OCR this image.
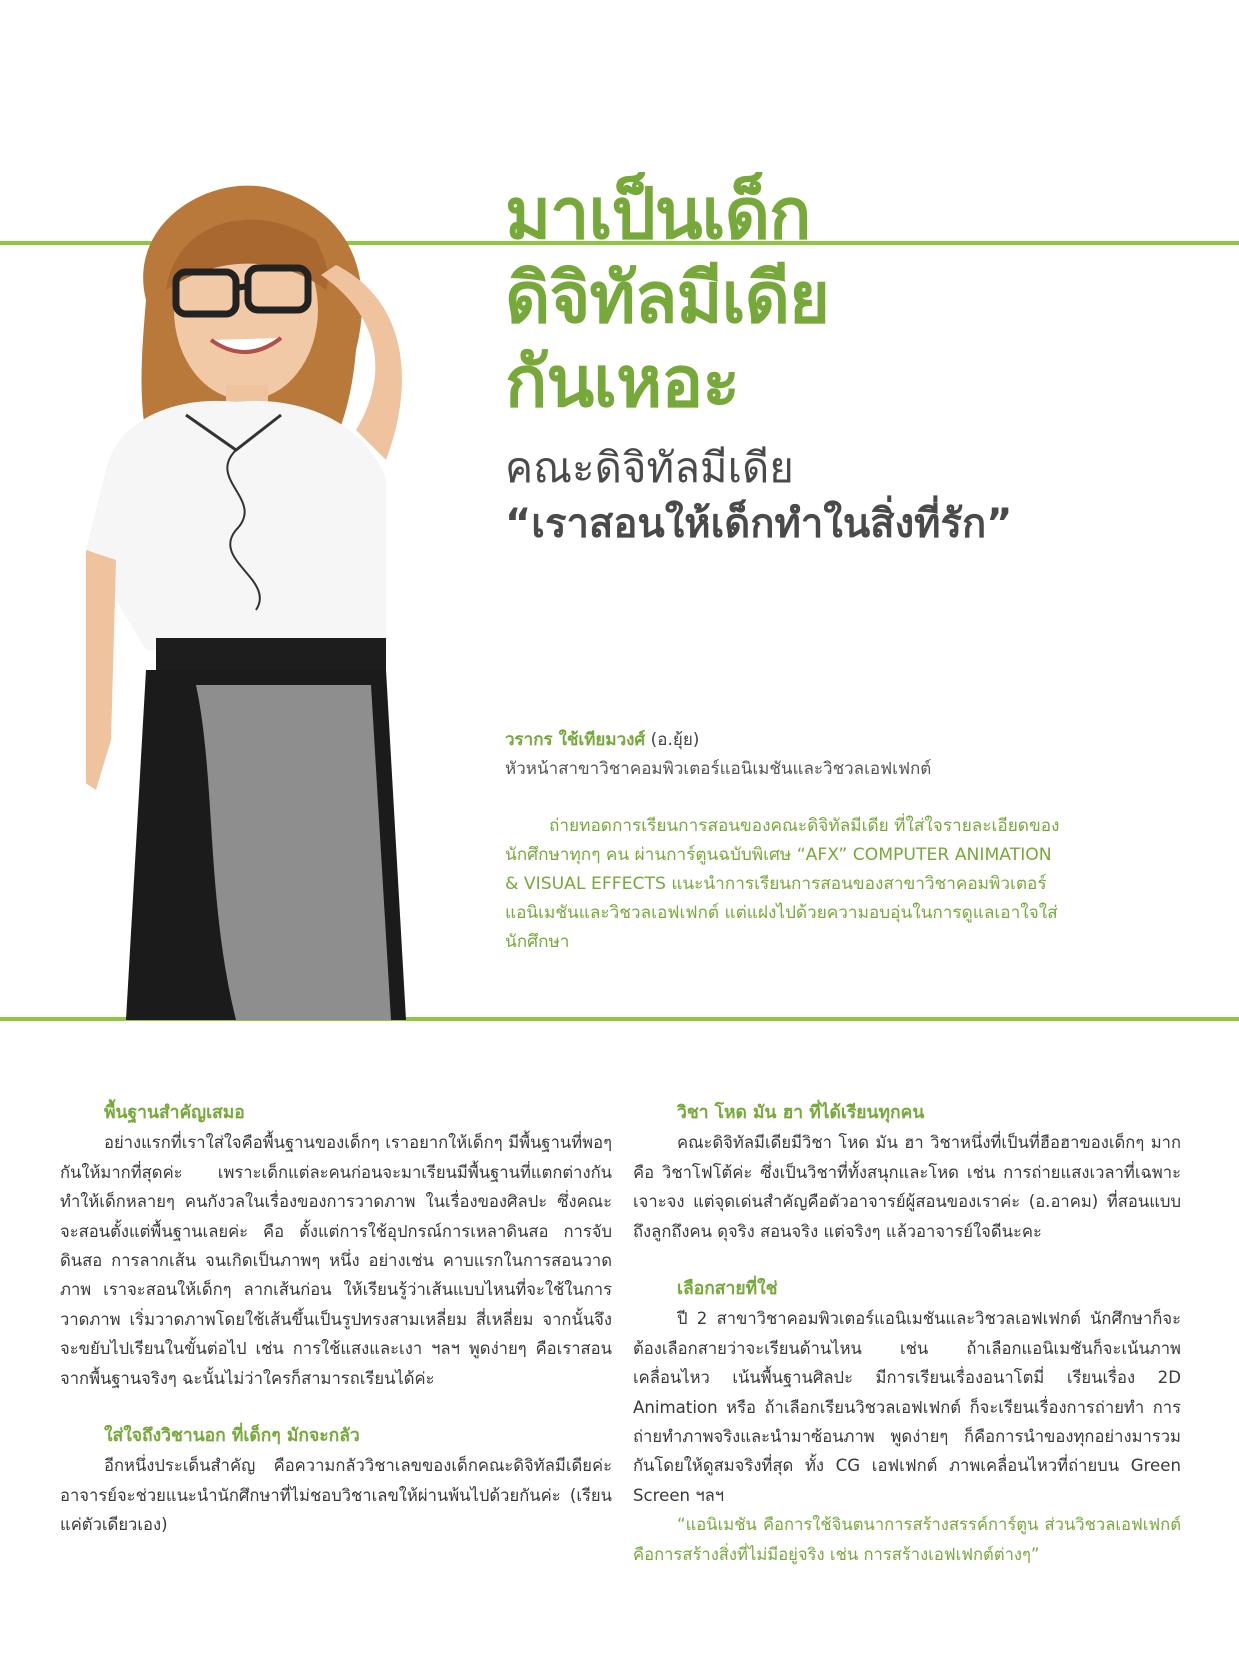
มาเป็นเด็ก
ดิจิทัลมีเดีย
กันเหอะ
คณะดิจิทัลมีเดีย
“เราสอนให้เด็กทำในสิ่งที่รัก”
วรากร ใช้เทียมวงศ์ (อ.ยุ้ย)
หัวหน้าสาขาวิชาคอมพิวเตอร์แอนิเมชันและวิชวลเอฟเฟกต์

ถ่ายทอดการเรียนการสอนของคณะดิจิทัลมีเดีย ที่ใส่ใจรายละเอียดของนักศึกษาทุกๆ คน ผ่านการ์ตูนฉบับพิเศษ “AFX” COMPUTER ANIMATION & VISUAL EFFECTS แนะนำการเรียนการสอนของสาขาวิชาคอมพิวเตอร์แอนิเมชันและวิชวลเอฟเฟกต์ แต่แฝงไปด้วยความอบอุ่นในการดูแลเอาใจใส่นักศึกษา

พื้นฐานสำคัญเสมอ

อย่างแรกที่เราใส่ใจคือพื้นฐานของเด็กๆ เราอยากให้เด็กๆ มีพื้นฐานที่พอๆ กันให้มากที่สุดค่ะ เพราะเด็กแต่ละคนก่อนจะมาเรียนมีพื้นฐานที่แตกต่างกัน ทำให้เด็กหลายๆ คนกังวลในเรื่องของการวาดภาพ ในเรื่องของศิลปะ ซึ่งคณะจะสอนตั้งแต่พื้นฐานเลยค่ะ คือ ตั้งแต่การใช้อุปกรณ์การเหลาดินสอ การจับดินสอ การลากเส้น จนเกิดเป็นภาพๆ หนึ่ง อย่างเช่น คาบแรกในการสอนวาดภาพ เราจะสอนให้เด็กๆ ลากเส้นก่อน ให้เรียนรู้ว่าเส้นแบบไหนที่จะใช้ในการวาดภาพ เริ่มวาดภาพโดยใช้เส้นขึ้นเป็นรูปทรงสามเหลี่ยม สี่เหลี่ยม จากนั้นจึงจะขยับไปเรียนในขั้นต่อไป เช่น การใช้แสงและเงา ฯลฯ พูดง่ายๆ คือเราสอนจากพื้นฐานจริงๆ ฉะนั้นไม่ว่าใครก็สามารถเรียนได้ค่ะ

ใส่ใจถึงวิชานอก ที่เด็กๆ มักจะกลัว

อีกหนึ่งประเด็นสำคัญ คือความกลัววิชาเลขของเด็กคณะดิจิทัลมีเดียค่ะ อาจารย์จะช่วยแนะนำนักศึกษาที่ไม่ชอบวิชาเลขให้ผ่านพ้นไปด้วยกันค่ะ (เรียนแค่ตัวเดียวเอง)

วิชา โหด มัน ฮา ที่ได้เรียนทุกคน

คณะดิจิทัลมีเดียมีวิชา โหด มัน ฮา วิชาหนึ่งที่เป็นที่ฮือฮาของเด็กๆ มาก คือ วิชาโฟโต้ค่ะ ซึ่งเป็นวิชาที่ทั้งสนุกและโหด เช่น การถ่ายแสงเวลาที่เฉพาะเจาะจง แต่จุดเด่นสำคัญคือตัวอาจารย์ผู้สอนของเราค่ะ (อ.อาคม) ที่สอนแบบถึงลูกถึงคน ดุจริง สอนจริง แต่จริงๆ แล้วอาจารย์ใจดีนะคะ

เลือกสายที่ใช่

ปี 2 สาขาวิชาคอมพิวเตอร์แอนิเมชันและวิชวลเอฟเฟกต์ นักศึกษาก็จะต้องเลือกสายว่าจะเรียนด้านไหน เช่น ถ้าเลือกแอนิเมชันก็จะเน้นภาพเคลื่อนไหว เน้นพื้นฐานศิลปะ มีการเรียนเรื่องอนาโตมี่ เรียนเรื่อง 2D Animation หรือ ถ้าเลือกเรียนวิชวลเอฟเฟกต์ ก็จะเรียนเรื่องการถ่ายทำ การถ่ายทำภาพจริงและนำมาซ้อนภาพ พูดง่ายๆ ก็คือการนำของทุกอย่างมารวมกันโดยให้ดูสมจริงที่สุด ทั้ง CG เอฟเฟกต์ ภาพเคลื่อนไหวที่ถ่ายบน Green Screen ฯลฯ

“แอนิเมชัน คือการใช้จินตนาการสร้างสรรค์การ์ตูน ส่วนวิชวลเอฟเฟกต์ คือการสร้างสิ่งที่ไม่มีอยู่จริง เช่น การสร้างเอฟเฟกต์ต่างๆ”
